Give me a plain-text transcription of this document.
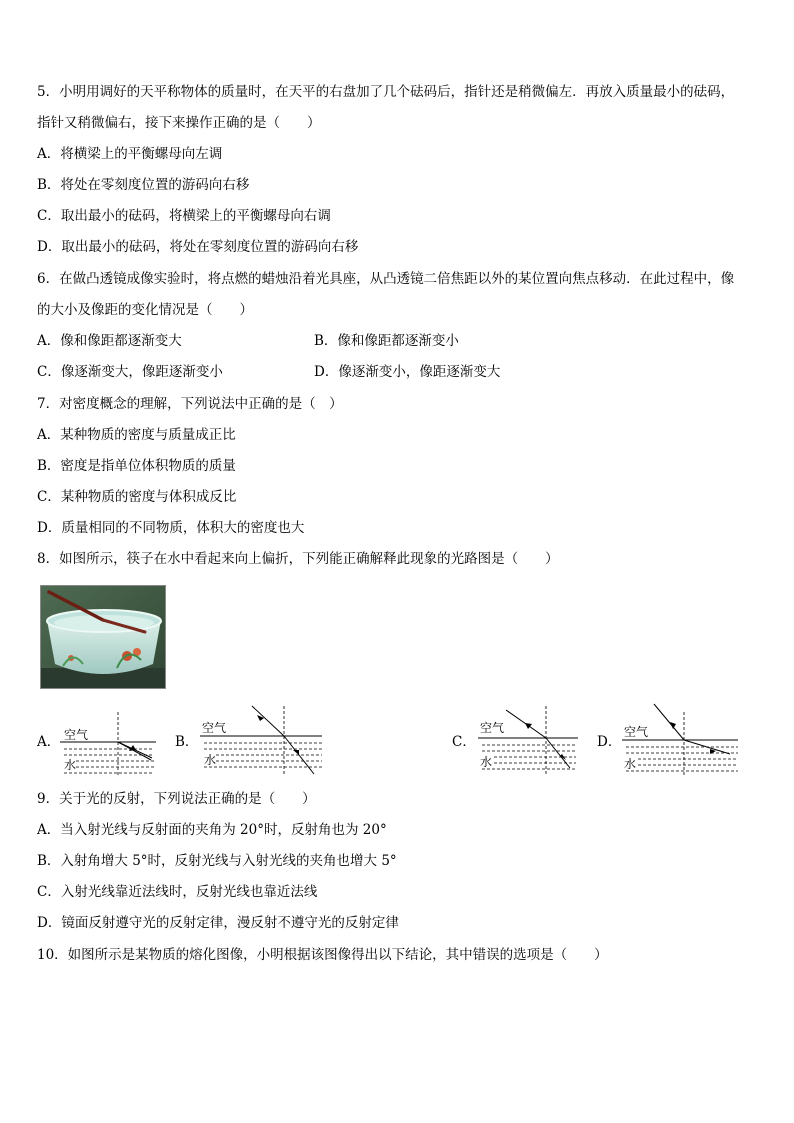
5．小明用调好的天平称物体的质量时，在天平的右盘加了几个砝码后，指针还是稍微偏左．再放入质量最小的砝码，
指针又稍微偏右，接下来操作正确的是（　　）
A．将横梁上的平衡螺母向左调
B．将处在零刻度位置的游码向右移
C．取出最小的砝码，将横梁上的平衡螺母向右调
D．取出最小的砝码，将处在零刻度位置的游码向右移
6．在做凸透镜成像实验时，将点燃的蜡烛沿着光具座，从凸透镜二倍焦距以外的某位置向焦点移动．在此过程中，像
的大小及像距的变化情况是（　　）
A．像和像距都逐渐变大	B．像和像距都逐渐变小
C．像逐渐变大，像距逐渐变小	D．像逐渐变小，像距逐渐变大
7．对密度概念的理解，下列说法中正确的是（　）
A．某种物质的密度与质量成正比
B．密度是指单位体积物质的质量
C．某种物质的密度与体积成反比
D．质量相同的不同物质，体积大的密度也大
8．如图所示，筷子在水中看起来向上偏折，下列能正确解释此现象的光路图是（　　）
A．	B．	C．	D．
空气
水
空气
水
空气
水
空气
水
9．关于光的反射，下列说法正确的是（　　）
A．当入射光线与反射面的夹角为 20°时，反射角也为 20°
B．入射角增大 5°时，反射光线与入射光线的夹角也增大 5°
C．入射光线靠近法线时，反射光线也靠近法线
D．镜面反射遵守光的反射定律，漫反射不遵守光的反射定律
10．如图所示是某物质的熔化图像，小明根据该图像得出以下结论，其中错误的选项是（　　）
